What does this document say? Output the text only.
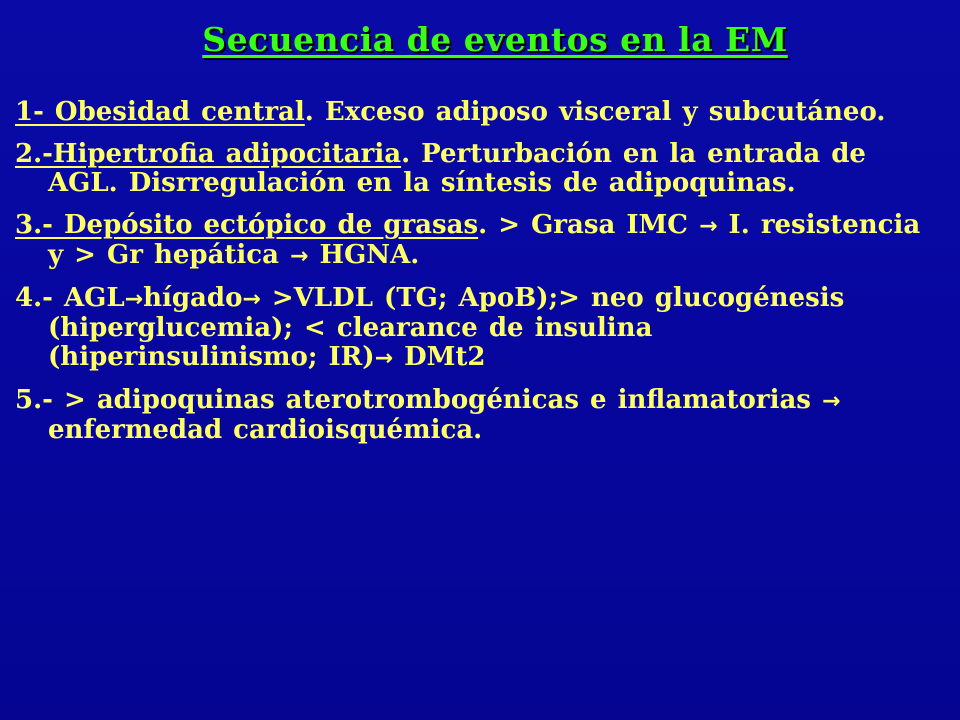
Secuencia de eventos en la EM
1- Obesidad central. Exceso adiposo visceral y subcutáneo.
2.-Hipertrofia adipocitaria. Perturbación en la entrada de AGL. Disrregulación en la síntesis de adipoquinas.
3.- Depósito ectópico de grasas. > Grasa IMC → I. resistencia y > Gr hepática → HGNA.
4.- AGL→hígado→ >VLDL (TG; ApoB);> neo glucogénesis (hiperglucemia); < clearance de insulina (hiperinsulinismo; IR)→ DMt2
5.- > adipoquinas aterotrombogénicas e inflamatorias → enfermedad cardioisquémica.
